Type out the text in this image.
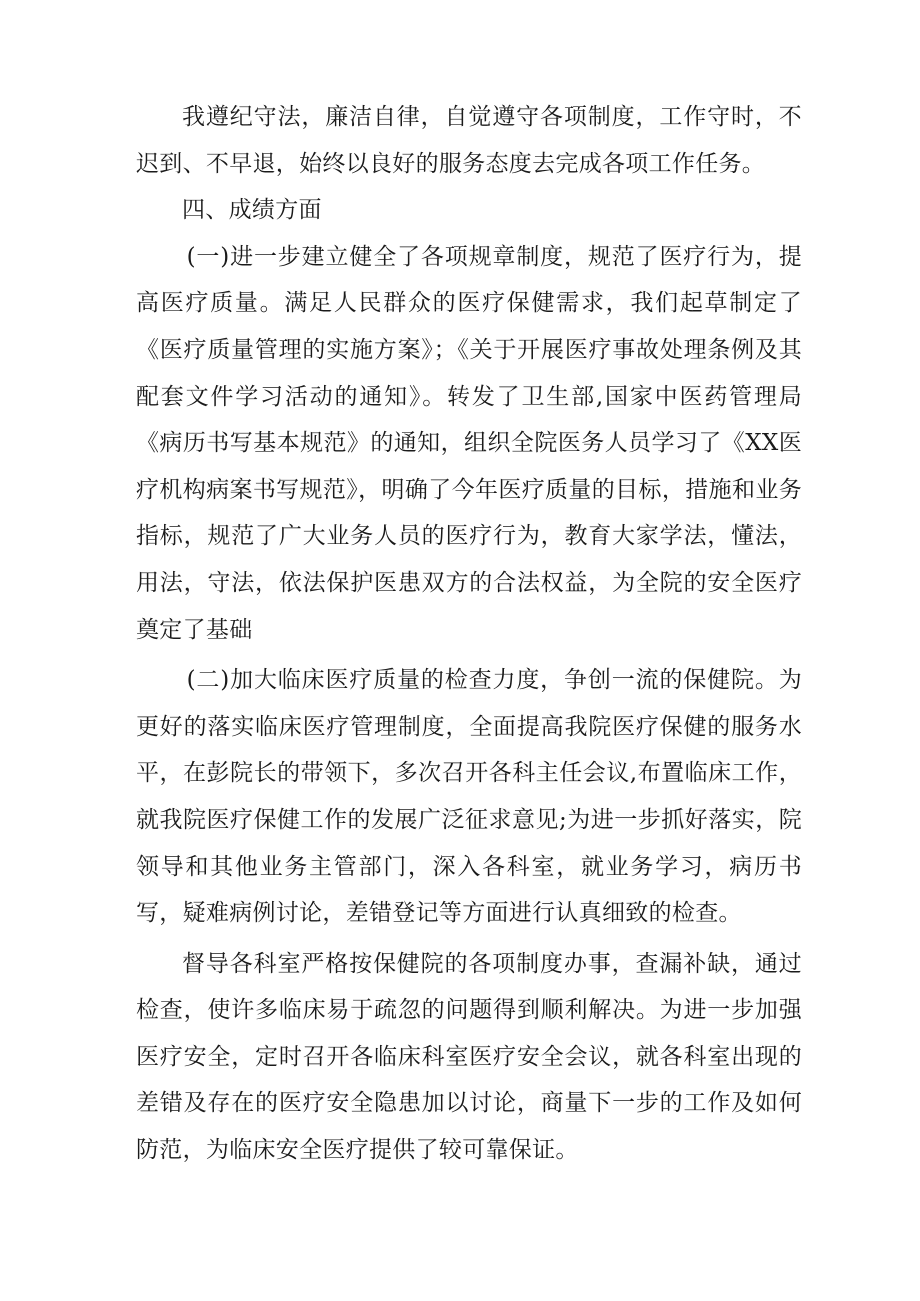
我遵纪守法，廉洁自律，自觉遵守各项制度，工作守时，不迟到、不早退，始终以良好的服务态度去完成各项工作任务。

四、成绩方面

(一)进一步建立健全了各项规章制度，规范了医疗行为，提高医疗质量。满足人民群众的医疗保健需求，我们起草制定了《医疗质量管理的实施方案》；《关于开展医疗事故处理条例及其配套文件学习活动的通知》。转发了卫生部,国家中医药管理局《病历书写基本规范》的通知，组织全院医务人员学习了《XX医疗机构病案书写规范》，明确了今年医疗质量的目标，措施和业务指标，规范了广大业务人员的医疗行为，教育大家学法，懂法，用法，守法，依法保护医患双方的合法权益，为全院的安全医疗奠定了基础

(二)加大临床医疗质量的检查力度，争创一流的保健院。为更好的落实临床医疗管理制度，全面提高我院医疗保健的服务水平，在彭院长的带领下，多次召开各科主任会议,布置临床工作，就我院医疗保健工作的发展广泛征求意见;为进一步抓好落实，院领导和其他业务主管部门，深入各科室，就业务学习，病历书写，疑难病例讨论，差错登记等方面进行认真细致的检查。

督导各科室严格按保健院的各项制度办事，查漏补缺，通过检查，使许多临床易于疏忽的问题得到顺利解决。为进一步加强医疗安全，定时召开各临床科室医疗安全会议，就各科室出现的差错及存在的医疗安全隐患加以讨论，商量下一步的工作及如何防范，为临床安全医疗提供了较可靠保证。
